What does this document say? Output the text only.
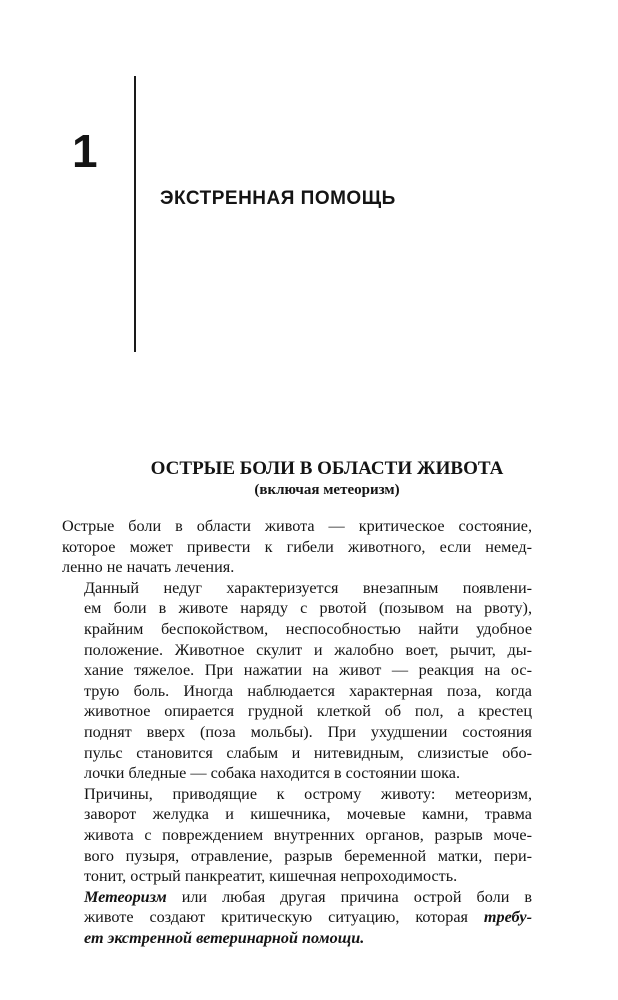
1
ЭКСТРЕННАЯ ПОМОЩЬ
ОСТРЫЕ БОЛИ В ОБЛАСТИ ЖИВОТА
(включая метеоризм)

Острые боли в области живота — критическое состояние,
которое может привести к гибели животного, если немед-
ленно не начать лечения.

Данный недуг характеризуется внезапным появлени-
ем боли в животе наряду с рвотой (позывом на рвоту),
крайним беспокойством, неспособностью найти удобное
положение. Животное скулит и жалобно воет, рычит, ды-
хание тяжелое. При нажатии на живот — реакция на ос-
трую боль. Иногда наблюдается характерная поза, когда
животное опирается грудной клеткой об пол, а крестец
поднят вверх (поза мольбы). При ухудшении состояния
пульс становится слабым и нитевидным, слизистые обо-
лочки бледные — собака находится в состоянии шока.

Причины, приводящие к острому животу: метеоризм,
заворот желудка и кишечника, мочевые камни, травма
живота с повреждением внутренних органов, разрыв моче-
вого пузыря, отравление, разрыв беременной матки, пери-
тонит, острый панкреатит, кишечная непроходимость.

Метеоризм или любая другая причина острой боли в
животе создают критическую ситуацию, которая требу-
ет экстренной ветеринарной помощи.
